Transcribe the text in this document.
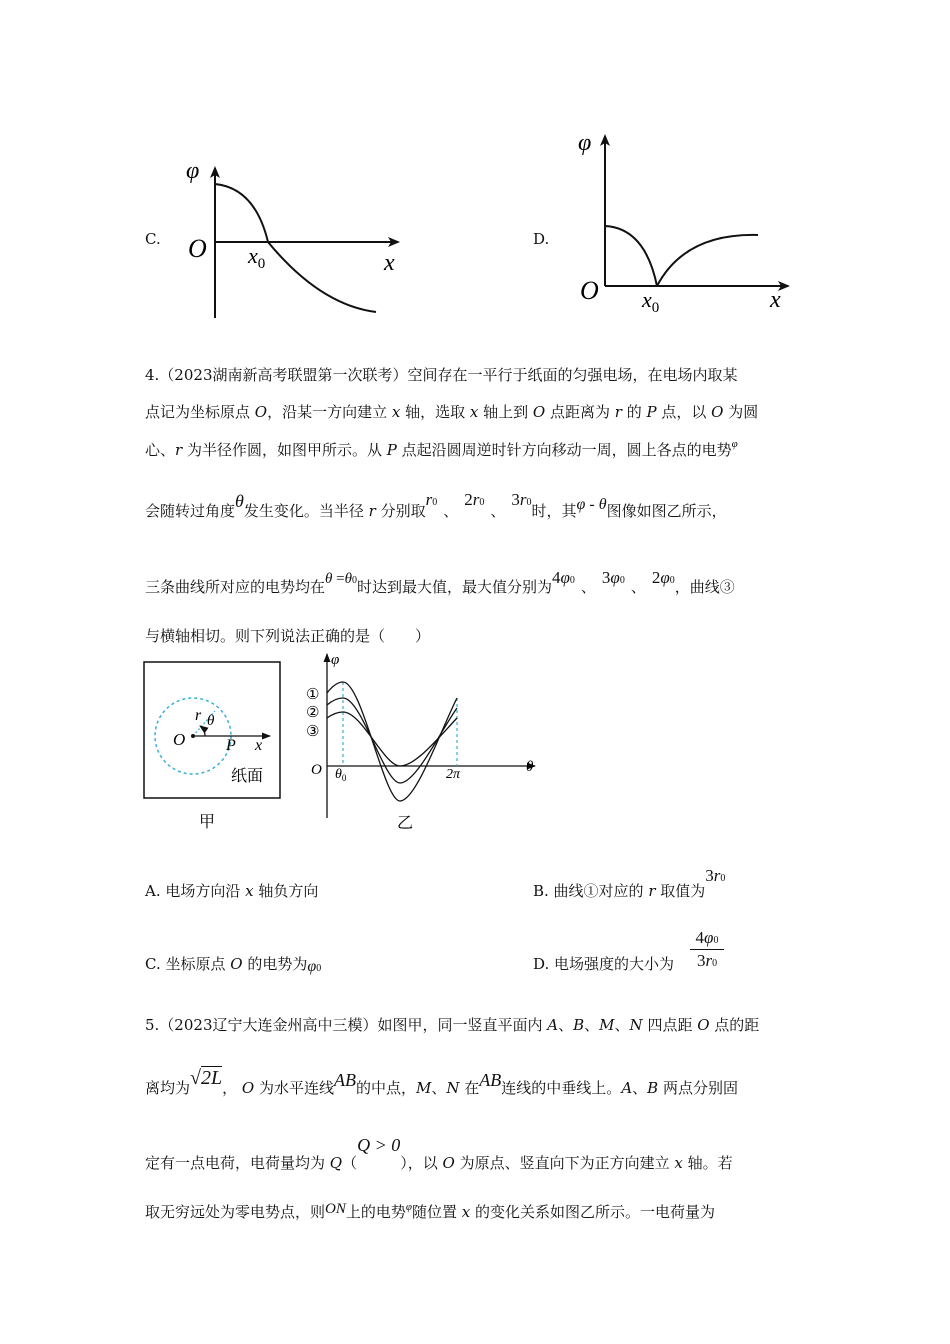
C.
φ
O $x_0$	x
D.
φ
O $x_0$	x
4.（2023湖南新高考联盟第一次联考）空间存在一平行于纸面的匀强电场，在电场内取某
点记为坐标原点 O，沿某一方向建立 x 轴，选取 x 轴上到 O 点距离为 r 的 P 点，以 O 为圆
心、r 为半径作圆，如图甲所示。从 P 点起沿圆周逆时针方向移动一周，圆上各点的电势φ
会随转过角度θ发生变化。当半径 r 分别取r0 、2r0 、3r0时，其φ - θ图像如图乙所示，
三条曲线所对应的电势均在θ =θ0时达到最大值，最大值分别为4φ0 、 3φ0 、 2φ0，曲线③
与横轴相切。则下列说法正确的是（　　）
O
r θ
P x
纸面
甲
φ
①
②
③
O $\theta_0$	2π	θ
乙
A. 电场方向沿 x 轴负方向	B. 曲线①对应的 r 取值为3r0
C. 坐标原点 O 的电势为φ0	D. 电场强度的大小为 $\frac{4\varphi 0}{3r0}$
5.（2023辽宁大连金州高中三模）如图甲，同一竖直平面内 A、B、M、N 四点距 O 点的距
离均为√2L， O 为水平连线AB的中点，M、N 在AB连线的中垂线上。A、B 两点分别固
定有一点电荷，电荷量均为 Q（Q > 0），以 O 为原点、竖直向下为正方向建立 x 轴。若
取无穷远处为零电势点，则ON上的电势φ随位置 x 的变化关系如图乙所示。一电荷量为
